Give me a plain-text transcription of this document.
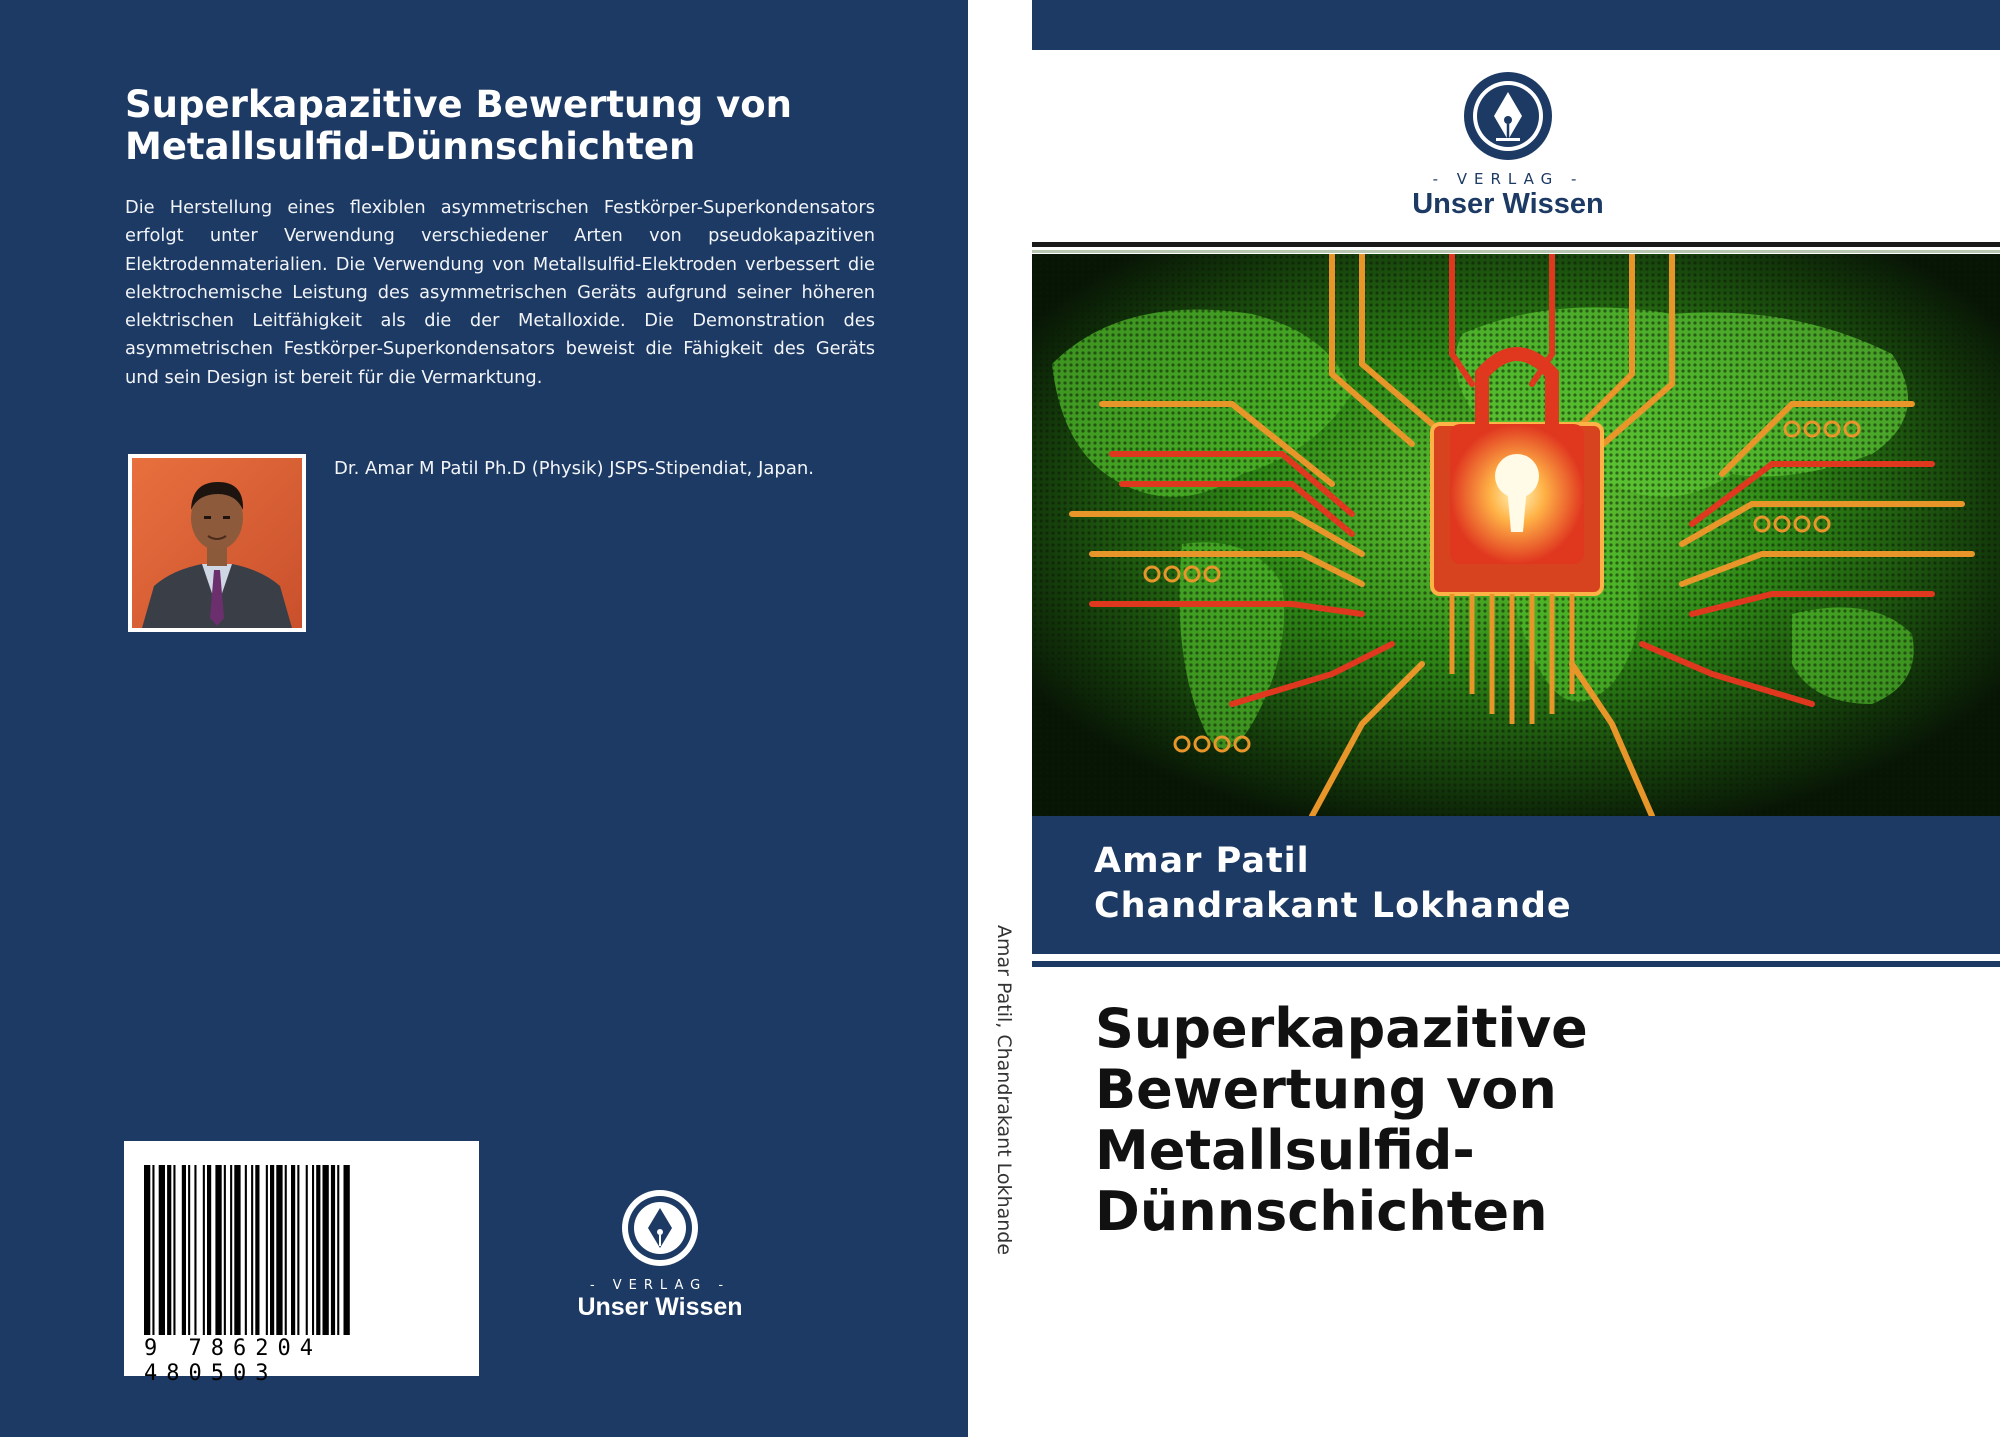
Superkapazitive Bewertung von Metallsulfid-Dünnschichten

Die Herstellung eines flexiblen asymmetrischen Festkörper-Superkondensators erfolgt unter Verwendung verschiedener Arten von pseudokapazitiven Elektrodenmaterialien. Die Verwendung von Metallsulfid-Elektroden verbessert die elektrochemische Leistung des asymmetrischen Geräts aufgrund seiner höheren elektrischen Leitfähigkeit als die der Metalloxide. Die Demonstration des asymmetrischen Festkörper-Superkondensators beweist die Fähigkeit des Geräts und sein Design ist bereit für die Vermarktung.

Dr. Amar M Patil Ph.D (Physik) JSPS-Stipendiat, Japan.
9 786204 480503
- VERLAG -
Unser Wissen
Amar Patil, Chandrakant Lokhande
- VERLAG -
Unser Wissen
Amar Patil
Chandrakant Lokhande
Superkapazitive Bewertung von Metallsulfid-Dünnschichten
